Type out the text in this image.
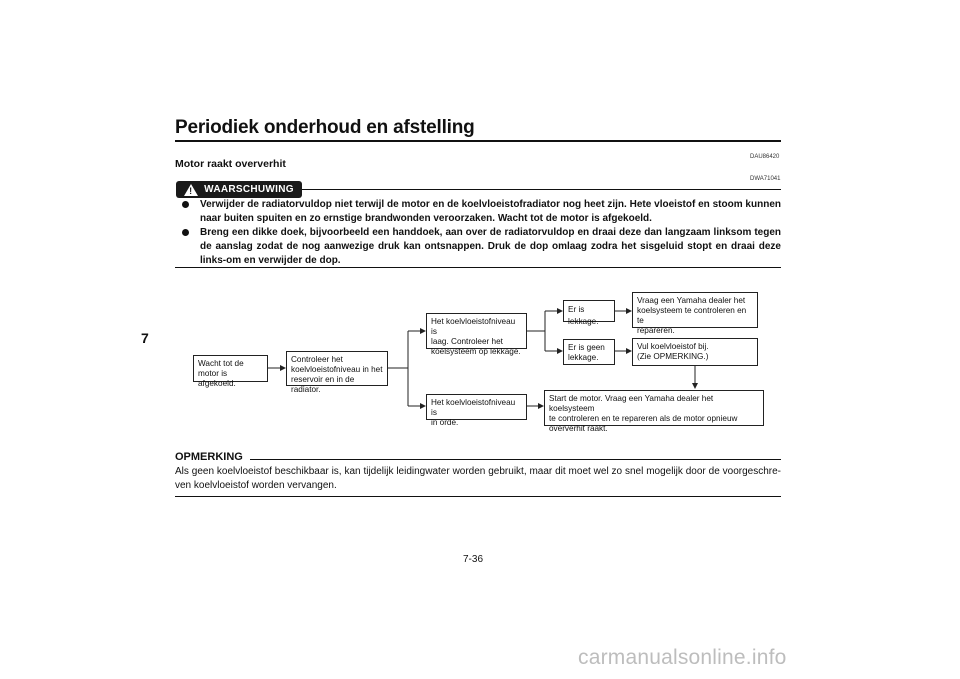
Periodiek onderhoud en afstelling
7
DAU86420
Motor raakt oververhit
DWA71041
! WAARSCHUWING
Verwijder de radiatorvuldop niet terwijl de motor en de koelvloeistofradiator nog heet zijn. Hete vloeistof en stoom kunnen naar buiten spuiten en zo ernstige brandwonden veroorzaken. Wacht tot de motor is afgekoeld.
Breng een dikke doek, bijvoorbeeld een handdoek, aan over de radiatorvuldop en draai deze dan langzaam linksom tegen de aanslag zodat de nog aanwezige druk kan ontsnappen. Druk de dop omlaag zodra het sisgeluid stopt en draai deze links-om en verwijder de dop.
Wacht tot de
motor is afgekoeld.
Controleer het
koelvloeistofniveau in het
reservoir en in de radiator.
Het koelvloeistofniveau is
laag. Controleer het
koelsysteem op lekkage.
Het koelvloeistofniveau is
in orde.
Er is lekkage.
Er is geen
lekkage.
Vraag een Yamaha dealer het
koelsysteem te controleren en te
repareren.
Vul koelvloeistof bij.
(Zie OPMERKING.)
Start de motor. Vraag een Yamaha dealer het koelsysteem
te controleren en te repareren als de motor opnieuw
oververhit raakt.
OPMERKING
Als geen koelvloeistof beschikbaar is, kan tijdelijk leidingwater worden gebruikt, maar dit moet wel zo snel mogelijk door de voorgeschre-ven koelvloeistof worden vervangen.
7-36
carmanualsonline.info
